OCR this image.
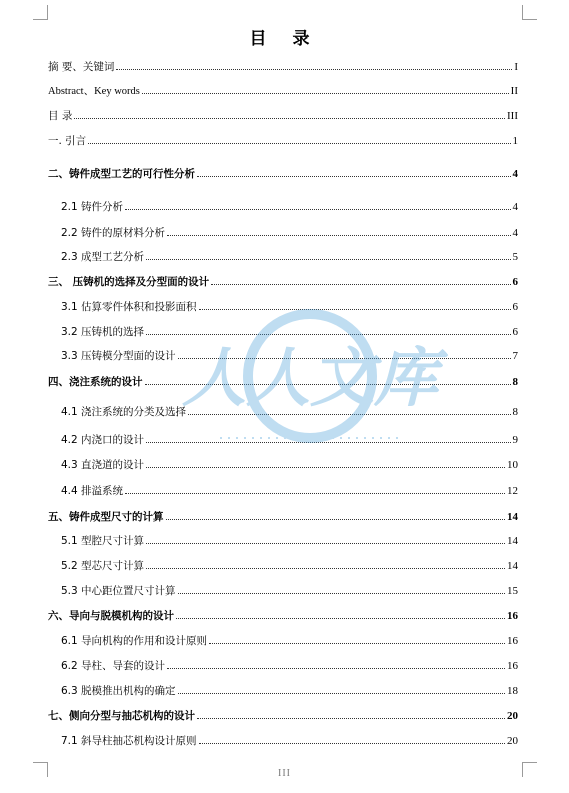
目 录
摘 要、关键词	I
Abstract、Key words	II
目 录	III
一. 引言	1
二、铸件成型工艺的可行性分析	4
2.1 铸件分析	4
2.2 铸件的原材料分析	4
2.3 成型工艺分析	5
三、 压铸机的选择及分型面的设计	6
3.1 估算零件体积和投影面积	6
3.2 压铸机的选择	6
3.3 压铸模分型面的设计	7
四、浇注系统的设计	8
4.1 浇注系统的分类及选择	8
4.2 内浇口的设计	9
4.3 直浇道的设计	10
4.4 排溢系统	12
五、铸件成型尺寸的计算	14
5.1 型腔尺寸计算	14
5.2 型芯尺寸计算	14
5.3 中心距位置尺寸计算	15
六、导向与脱模机构的设计	16
6.1 导向机构的作用和设计原则	16
6.2 导柱、导套的设计	16
6.3 脱模推出机构的确定	18
七、侧向分型与抽芯机构的设计	20
7.1 斜导柱抽芯机构设计原则	20
人人文库
III
